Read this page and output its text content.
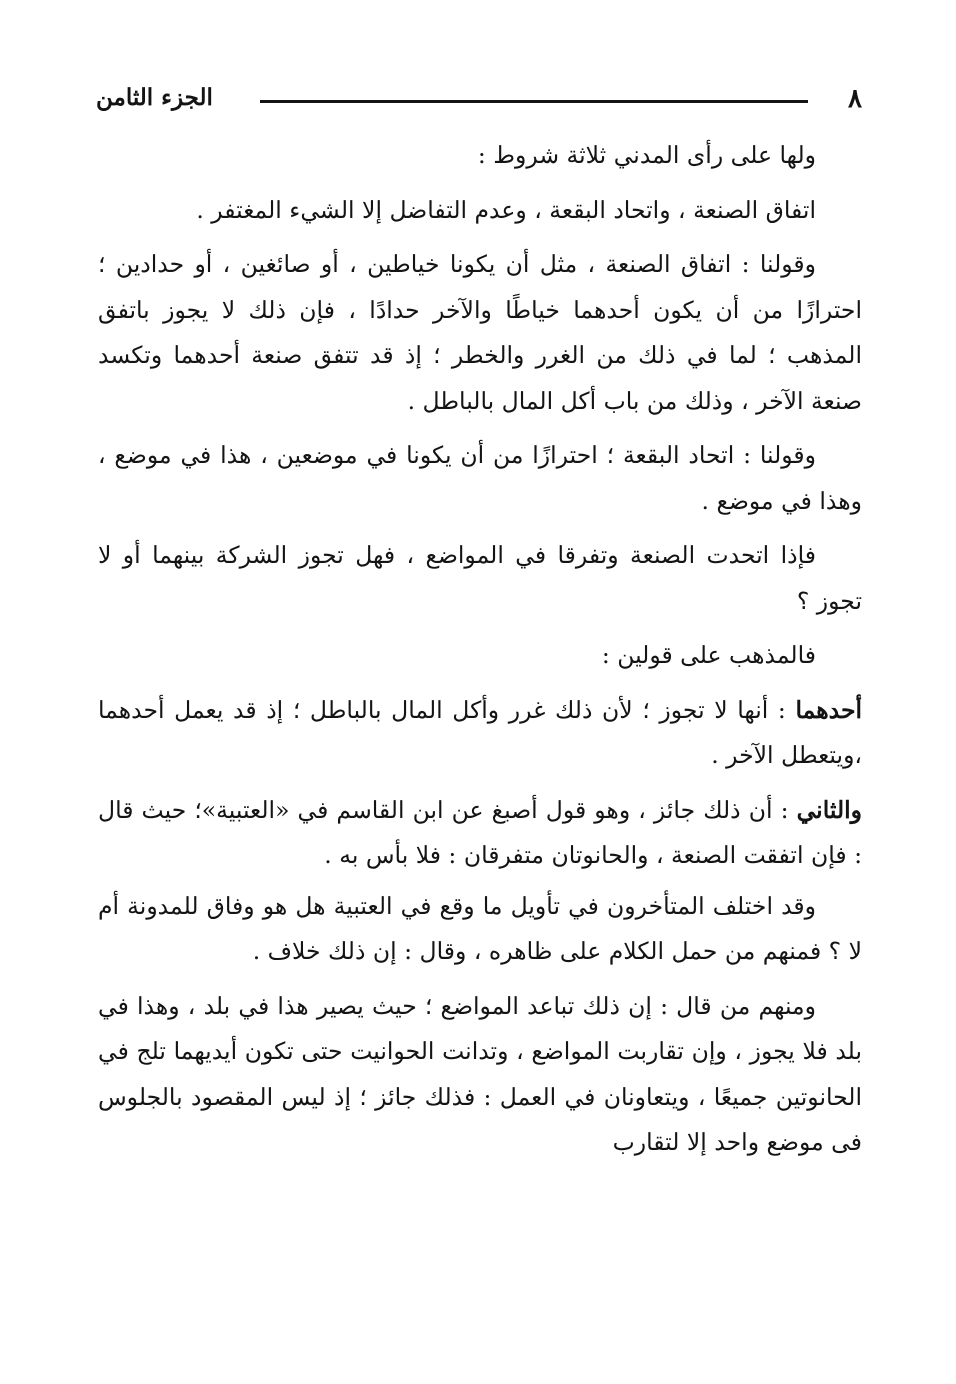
٨
الجزء الثامن

ولها على رأى المدني ثلاثة شروط :

اتفاق الصنعة ، واتحاد البقعة ، وعدم التفاضل إلا الشيء المغتفر .

وقولنا : اتفاق الصنعة ، مثل أن يكونا خياطين ، أو صائغين ، أو حدادين ؛ احترازًا من أن يكون أحدهما خياطًا والآخر حدادًا ، فإن ذلك لا يجوز باتفق المذهب ؛ لما في ذلك من الغرر والخطر ؛ إذ قد تتفق صنعة أحدهما وتكسد صنعة الآخر ، وذلك من باب أكل المال بالباطل .

وقولنا : اتحاد البقعة ؛ احترازًا من أن يكونا في موضعين ، هذا في موضع ، وهذا في موضع .

فإذا اتحدت الصنعة وتفرقا في المواضع ، فهل تجوز الشركة بينهما أو لا تجوز ؟

فالمذهب على قولين :

أحدهما : أنها لا تجوز ؛ لأن ذلك غرر وأكل المال بالباطل ؛ إذ قد يعمل أحدهما ،ويتعطل الآخر .

والثاني : أن ذلك جائز ، وهو قول أصبغ عن ابن القاسم في «العتبية»؛ حيث قال : فإن اتفقت الصنعة ، والحانوتان متفرقان : فلا بأس به .

وقد اختلف المتأخرون في تأويل ما وقع في العتبية هل هو وفاق للمدونة أم لا ؟ فمنهم من حمل الكلام على ظاهره ، وقال : إن ذلك خلاف .

ومنهم من قال : إن ذلك تباعد المواضع ؛ حيث يصير هذا في بلد ، وهذا في بلد فلا يجوز ، وإن تقاربت المواضع ، وتدانت الحوانيت حتى تكون أيديهما تلج في الحانوتين جميعًا ، ويتعاونان في العمل : فذلك جائز ؛ إذ ليس المقصود بالجلوس فى موضع واحد إلا لتقارب
